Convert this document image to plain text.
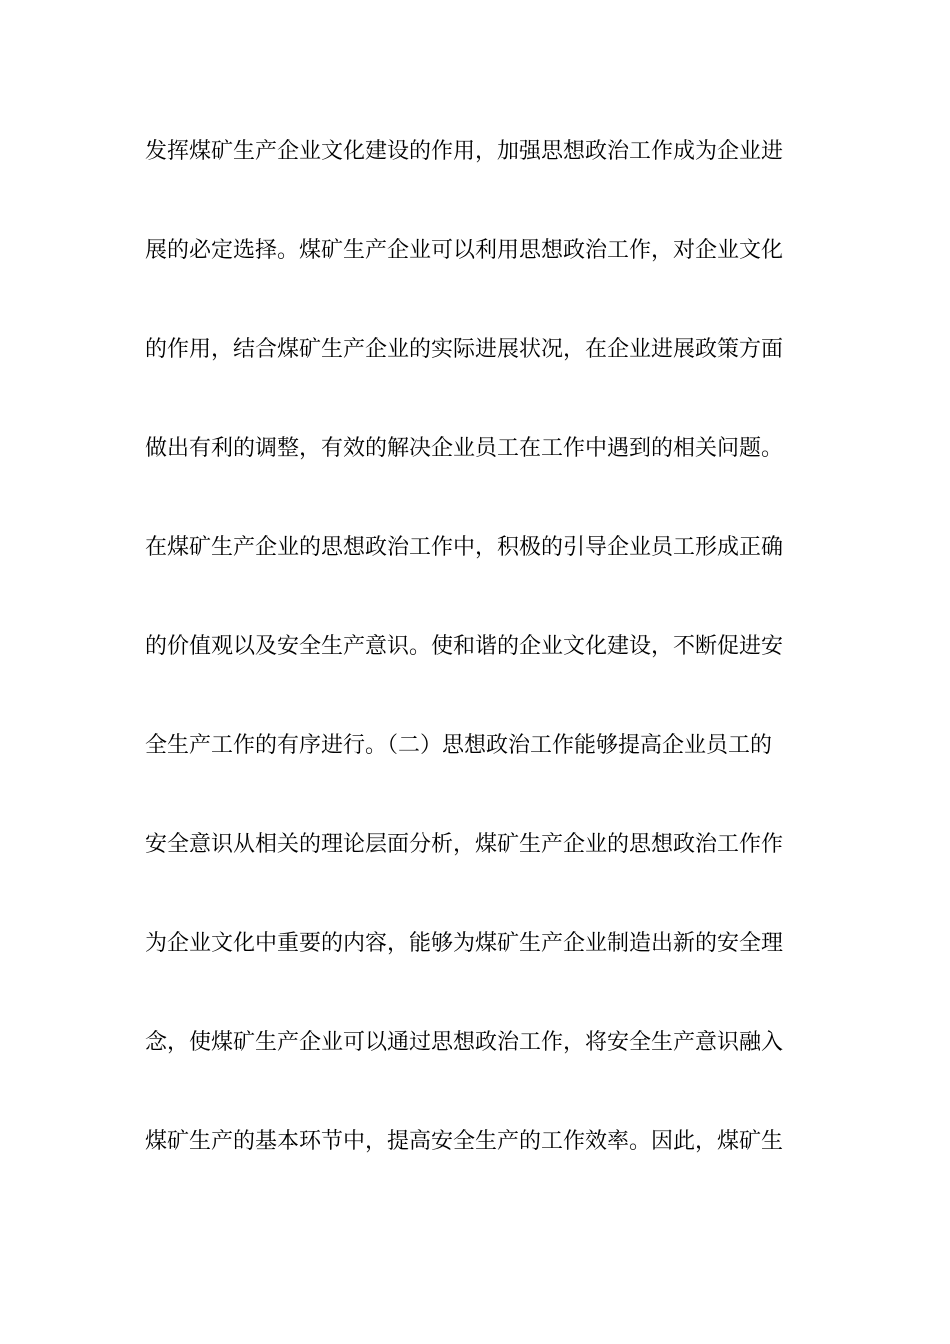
发挥煤矿生产企业文化建设的作用，加强思想政治工作成为企业进
展的必定选择。煤矿生产企业可以利用思想政治工作，对企业文化
的作用，结合煤矿生产企业的实际进展状况，在企业进展政策方面
做出有利的调整，有效的解决企业员工在工作中遇到的相关问题。
在煤矿生产企业的思想政治工作中，积极的引导企业员工形成正确
的价值观以及安全生产意识。使和谐的企业文化建设，不断促进安
全生产工作的有序进行。（二）思想政治工作能够提高企业员工的
安全意识从相关的理论层面分析，煤矿生产企业的思想政治工作作
为企业文化中重要的内容，能够为煤矿生产企业制造出新的安全理
念，使煤矿生产企业可以通过思想政治工作，将安全生产意识融入
煤矿生产的基本环节中，提高安全生产的工作效率。因此，煤矿生
